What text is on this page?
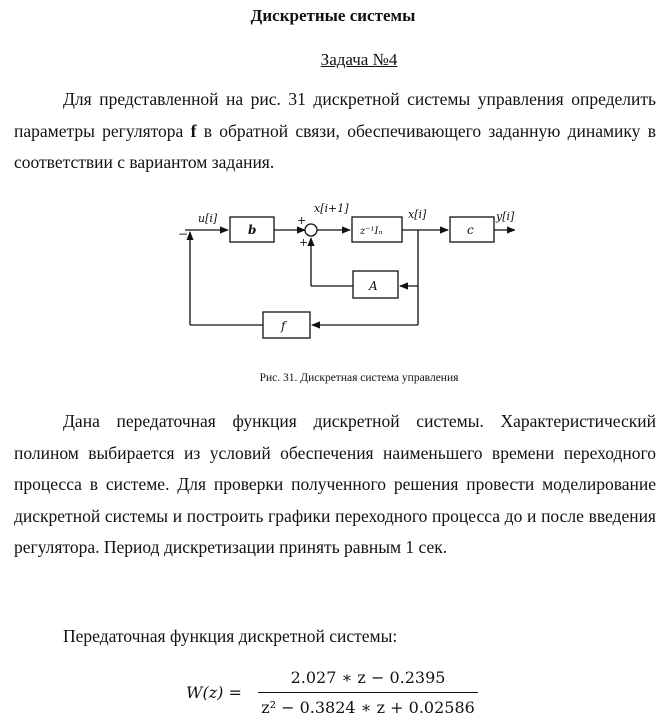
Дискретные системы
Задача №4

Для представленной на рис. 31 дискретной системы управления определить параметры регулятора f в обратной связи, обеспечивающего заданную динамику в соответствии с вариантом задания.

u[i]
b
x[i+1]
+
+
−	z⁻¹Iₙ
x[i]
c
y[i]
A
f
Рис. 31. Дискретная система управления

Дана передаточная функция дискретной системы. Характеристический полином выбирается из условий обеспечения наименьшего времени переходного процесса в системе. Для проверки полученного решения провести моделирование дискретной системы и построить графики переходного процесса до и после введения регулятора. Период дискретизации принять равным 1 сек.

Передаточная функция дискретной системы:

W(z) =
2.027 ∗ z − 0.2395
z² − 0.3824 ∗ z + 0.02586
